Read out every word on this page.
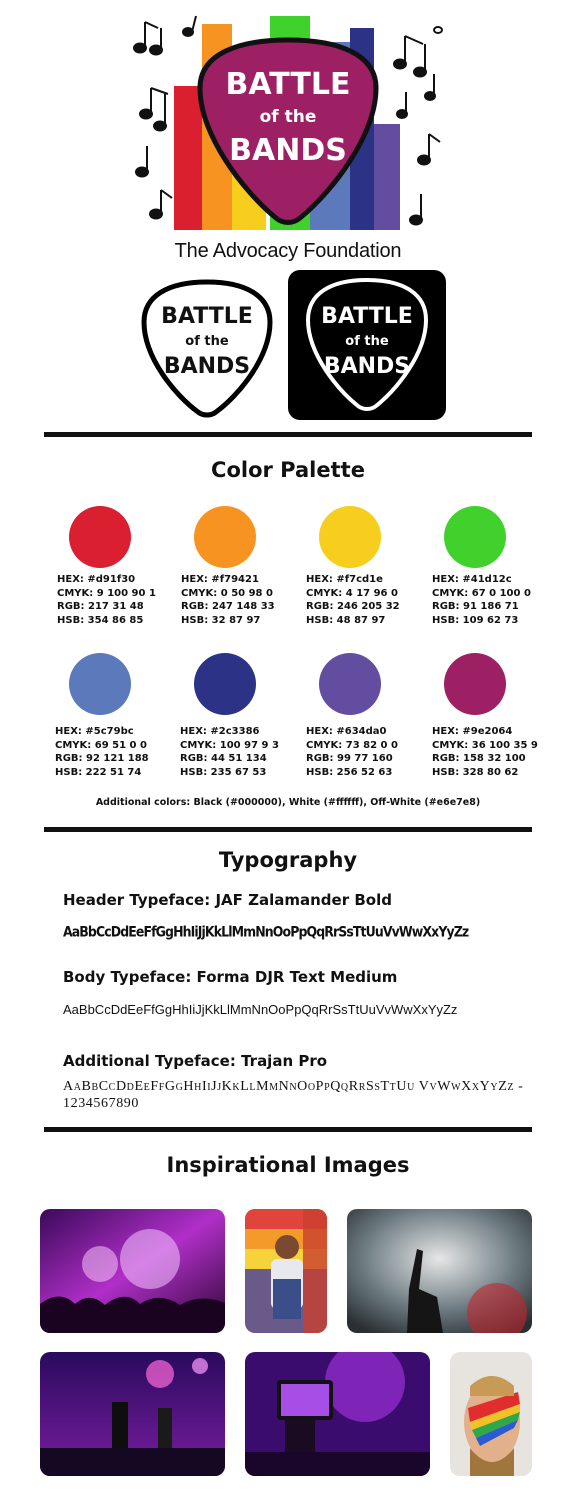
BATTLE
of the
BANDS
The Advocacy Foundation
BATTLE
of the
BANDS
BATTLE
of the
BANDS
Color Palette
HEX: #d91f30
CMYK: 9 100 90 1
RGB: 217 31 48
HSB: 354 86 85
HEX: #f79421
CMYK: 0 50 98 0
RGB: 247 148 33
HSB: 32 87 97
HEX: #f7cd1e
CMYK: 4 17 96 0
RGB: 246 205 32
HSB: 48 87 97
HEX: #41d12c
CMYK: 67 0 100 0
RGB: 91 186 71
HSB: 109 62 73
HEX: #5c79bc
CMYK: 69 51 0 0
RGB: 92 121 188
HSB: 222 51 74
HEX: #2c3386
CMYK: 100 97 9 3
RGB: 44 51 134
HSB: 235 67 53
HEX: #634da0
CMYK: 73 82 0 0
RGB: 99 77 160
HSB: 256 52 63
HEX: #9e2064
CMYK: 36 100 35 9
RGB: 158 32 100
HSB: 328 80 62
Additional colors: Black (#000000), White (#ffffff), Off-White (#e6e7e8)
Typography
Header Typeface: JAF Zalamander Bold
AaBbCcDdEeFfGgHhIiJjKkLlMmNnOoPpQqRrSsTtUuVvWwXxYyZz
Body Typeface: Forma DJR Text Medium
AaBbCcDdEeFfGgHhIiJjKkLlMmNnOoPpQqRrSsTtUuVvWwXxYyZz
Additional Typeface: Trajan Pro
AaBbCcDdEeFfGgHhIiJjKkLlMmNnOoPpQqRrSsTtUu VvWwXxYyZz - 1234567890
Inspirational Images
